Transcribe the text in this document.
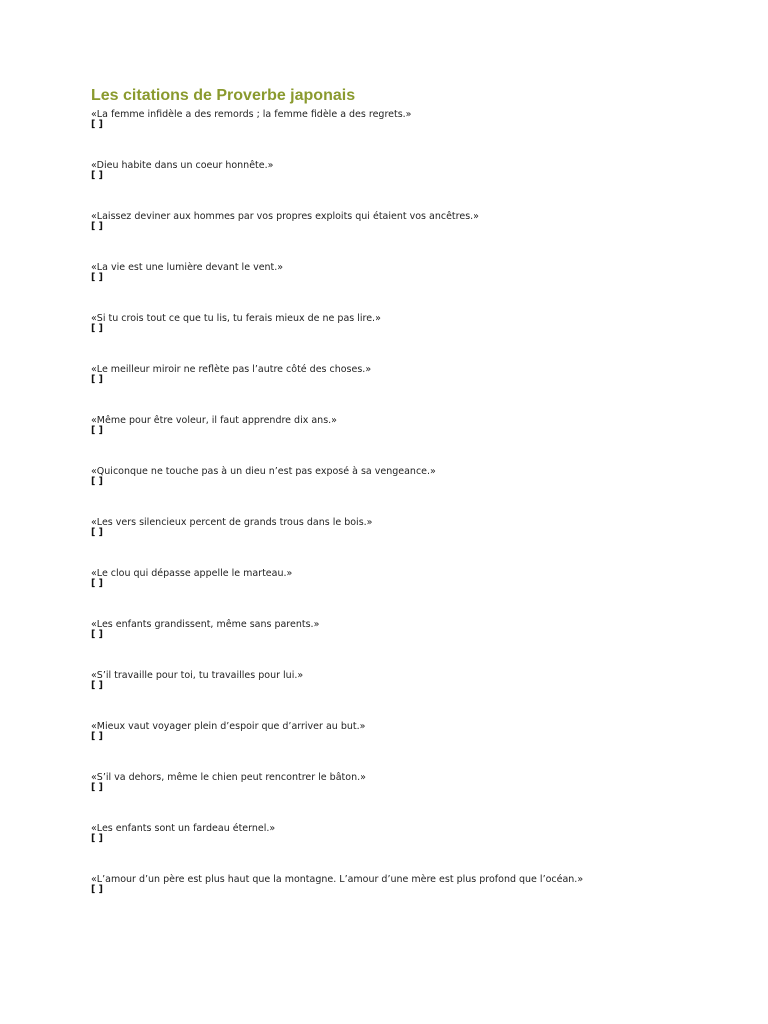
Les citations de Proverbe japonais
«La femme infidèle a des remords ; la femme fidèle a des regrets.»
[ ]
«Dieu habite dans un coeur honnête.»
[ ]
«Laissez deviner aux hommes par vos propres exploits qui étaient vos ancêtres.»
[ ]
«La vie est une lumière devant le vent.»
[ ]
«Si tu crois tout ce que tu lis, tu ferais mieux de ne pas lire.»
[ ]
«Le meilleur miroir ne reflète pas l’autre côté des choses.»
[ ]
«Même pour être voleur, il faut apprendre dix ans.»
[ ]
«Quiconque ne touche pas à un dieu n’est pas exposé à sa vengeance.»
[ ]
«Les vers silencieux percent de grands trous dans le bois.»
[ ]
«Le clou qui dépasse appelle le marteau.»
[ ]
«Les enfants grandissent, même sans parents.»
[ ]
«S’il travaille pour toi, tu travailles pour lui.»
[ ]
«Mieux vaut voyager plein d’espoir que d’arriver au but.»
[ ]
«S’il va dehors, même le chien peut rencontrer le bâton.»
[ ]
«Les enfants sont un fardeau éternel.»
[ ]
«L’amour d’un père est plus haut que la montagne. L’amour d’une mère est plus profond que l’océan.»
[ ]
